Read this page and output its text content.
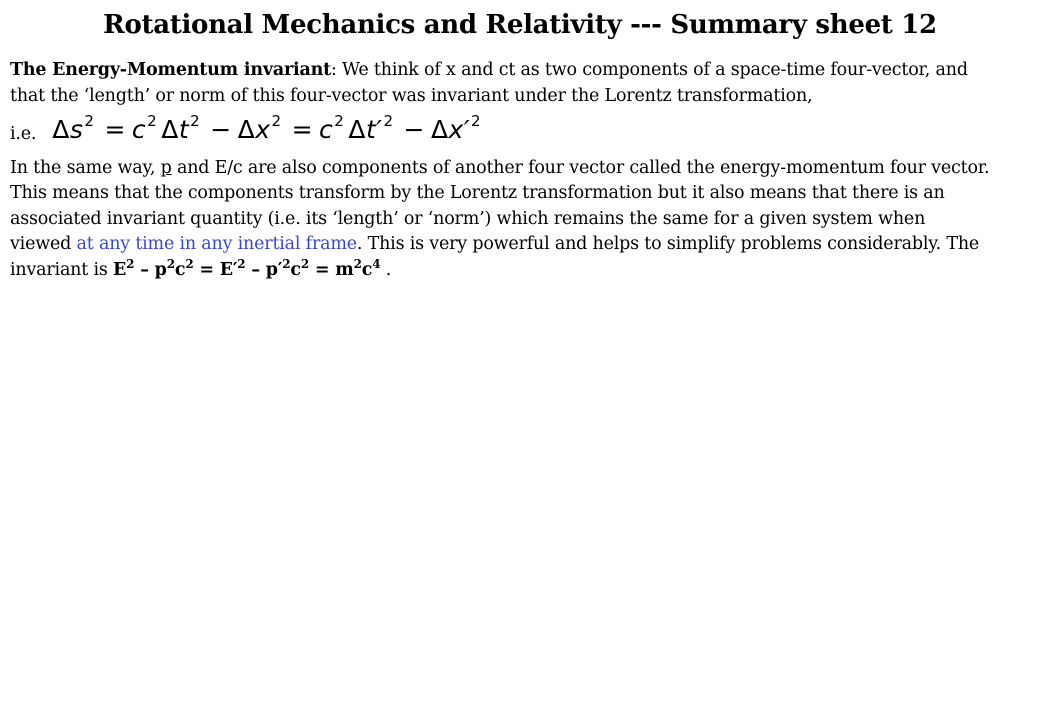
Rotational Mechanics and Relativity --- Summary sheet 12

The Energy-Momentum invariant: We think of x and ct as two components of a space-time four-vector, and that the ‘length’ or norm of this four-vector was invariant under the Lorentz transformation, i.e. $\Delta s^2 = c^2$ $\Delta t^2 - \Delta x^2 = c^2$ $\Delta t'^2 - \Delta x'^2$

In the same way, p and E/c are also components of another four vector called the energy-momentum four vector. This means that the components transform by the Lorentz transformation but it also means that there is an associated invariant quantity (i.e. its ‘length’ or ‘norm’) which remains the same for a given system when viewed at any time in any inertial frame. This is very powerful and helps to simplify problems considerably. The invariant is $E^2 - p^2c^2 = E'^2 - p'^2c^2 = m^2c^4$ .
